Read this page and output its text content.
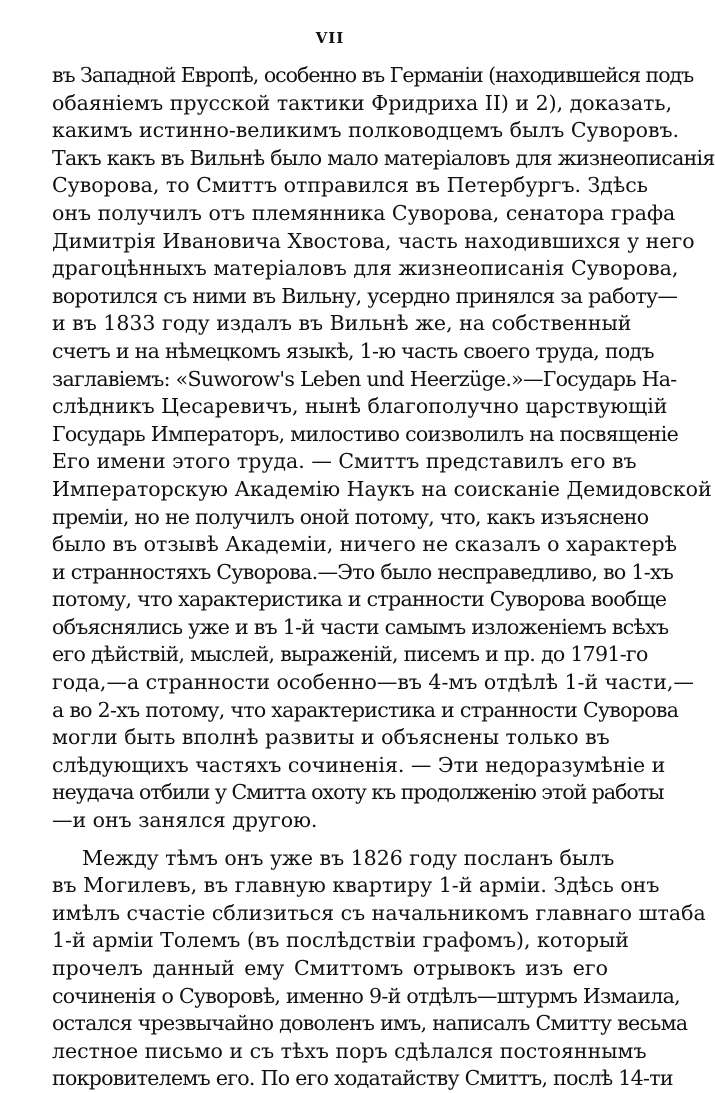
VII
въ Западной Европѣ, особенно въ Германіи (находившейся подъ
обаяніемъ прусской тактики Фридриха II) и 2), доказать,
какимъ истинно-великимъ полководцемъ былъ Суворовъ.
Такъ какъ въ Вильнѣ было мало матеріаловъ для жизнеописанія
Суворова, то Смиттъ отправился въ Петербургъ. Здѣсь
онъ получилъ отъ племянника Суворова, сенатора графа
Димитрія Ивановича Хвостова, часть находившихся у него
драгоцѣнныхъ матеріаловъ для жизнеописанія Суворова,
воротился съ ними въ Вильну, усердно принялся за работу—
и въ 1833 году издалъ въ Вильнѣ же, на собственный
счетъ и на нѣмецкомъ языкѣ, 1-ю часть своего труда, подъ
заглавіемъ: «Suworow's Leben und Heerzüge.»—Государь На-
слѣдникъ Цесаревичъ, нынѣ благополучно царствующій
Государь Императоръ, милостиво соизволилъ на посвященіе
Его имени этого труда. — Смиттъ представилъ его въ
Императорскую Академію Наукъ на соисканіе Демидовской
преміи, но не получилъ оной потому, что, какъ изъяснено
было въ отзывѣ Академіи, ничего не сказалъ о характерѣ
и странностяхъ Суворова.—Это было несправедливо, во 1-хъ
потому, что характеристика и странности Суворова вообще
объяснялись уже и въ 1-й части самымъ изложеніемъ всѣхъ
его дѣйствій, мыслей, выраженій, писемъ и пр. до 1791-го
года,—а странности особенно—въ 4-мъ отдѣлѣ 1-й части,—
а во 2-хъ потому, что характеристика и странности Суворова
могли быть вполнѣ развиты и объяснены только въ
слѣдующихъ частяхъ сочиненія. — Эти недоразумѣніе и
неудача отбили у Смитта охоту къ продолженію этой работы
—и онъ занялся другою.
Между тѣмъ онъ уже въ 1826 году посланъ былъ
въ Могилевъ, въ главную квартиру 1-й арміи. Здѣсь онъ
имѣлъ счастіе сблизиться съ начальникомъ главнаго штаба
1-й арміи Толемъ (въ послѣдствіи графомъ), который
прочелъ данный ему Смиттомъ отрывокъ изъ его
сочиненія о Суворовѣ, именно 9-й отдѣлъ—штурмъ Измаила,
остался чрезвычайно доволенъ имъ, написалъ Смитту весьма
лестное письмо и съ тѣхъ поръ сдѣлался постояннымъ
покровителемъ его. По его ходатайству Смиттъ, послѣ 14-ти
